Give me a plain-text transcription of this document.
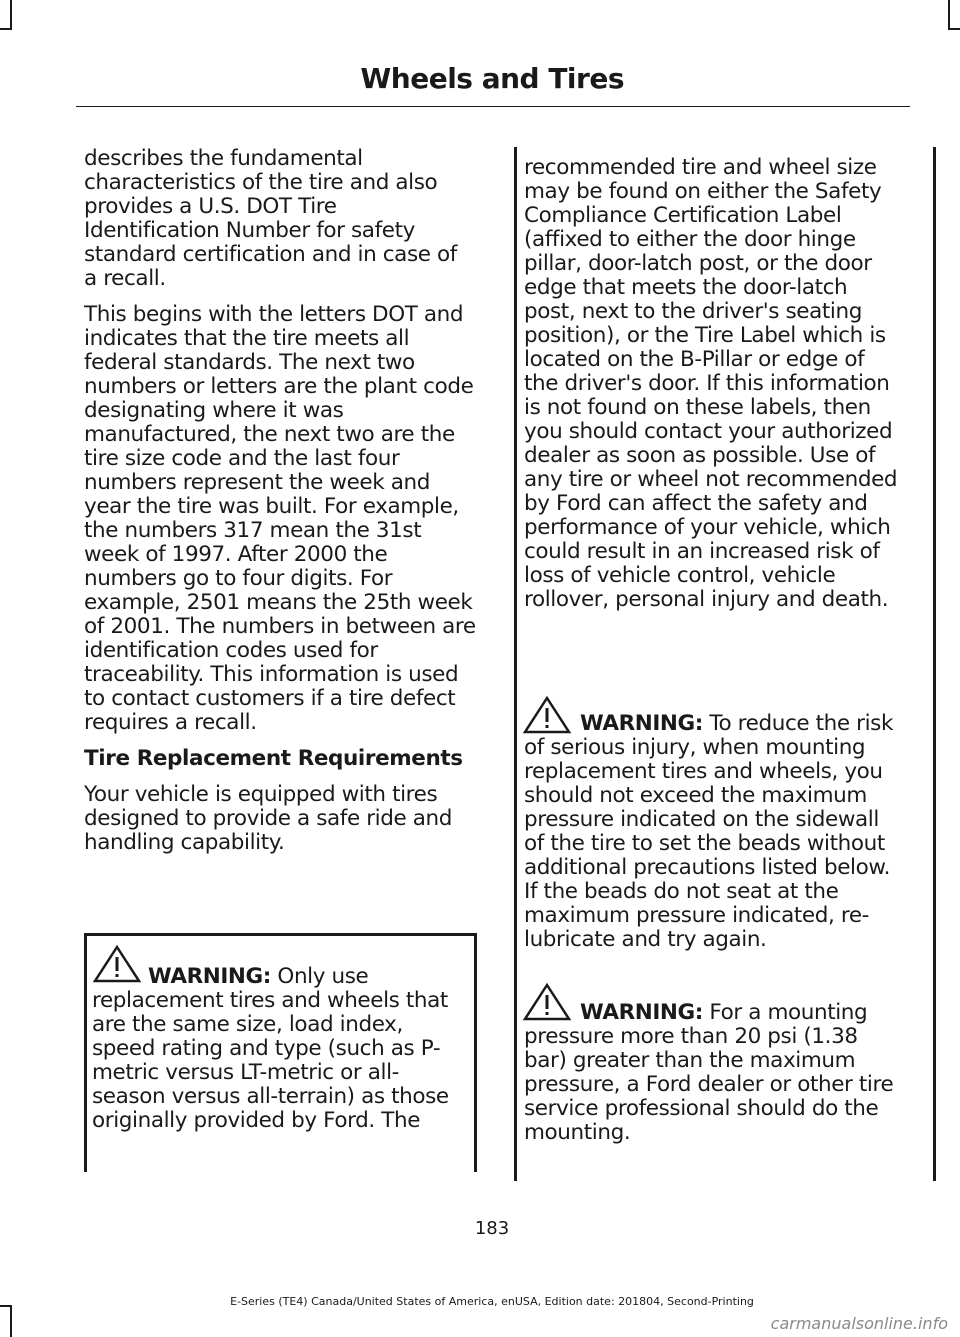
Wheels and Tires

describes the fundamental characteristics of the tire and also provides a U.S. DOT Tire Identification Number for safety standard certification and in case of a recall.

This begins with the letters DOT and indicates that the tire meets all federal standards. The next two numbers or letters are the plant code designating where it was manufactured, the next two are the tire size code and the last four numbers represent the week and year the tire was built. For example, the numbers 317 mean the 31st week of 1997. After 2000 the numbers go to four digits. For example, 2501 means the 25th week of 2001. The numbers in between are identification codes used for traceability. This information is used to contact customers if a tire defect requires a recall.

Tire Replacement Requirements

Your vehicle is equipped with tires designed to provide a safe ride and handling capability.

WARNING: Only use replacement tires and wheels that are the same size, load index, speed rating and type (such as P-metric versus LT-metric or all-season versus all-terrain) as those originally provided by Ford. The

recommended tire and wheel size may be found on either the Safety Compliance Certification Label (affixed to either the door hinge pillar, door-latch post, or the door edge that meets the door-latch post, next to the driver's seating position), or the Tire Label which is located on the B-Pillar or edge of the driver's door. If this information is not found on these labels, then you should contact your authorized dealer as soon as possible. Use of any tire or wheel not recommended by Ford can affect the safety and performance of your vehicle, which could result in an increased risk of loss of vehicle control, vehicle rollover, personal injury and death.

WARNING: To reduce the risk of serious injury, when mounting replacement tires and wheels, you should not exceed the maximum pressure indicated on the sidewall of the tire to set the beads without additional precautions listed below. If the beads do not seat at the maximum pressure indicated, re-lubricate and try again.
WARNING: For a mounting pressure more than 20 psi (1.38 bar) greater than the maximum pressure, a Ford dealer or other tire service professional should do the mounting.
183
E-Series (TE4) Canada/United States of America, enUSA, Edition date: 201804, Second-Printing
carmanualsonline.info
